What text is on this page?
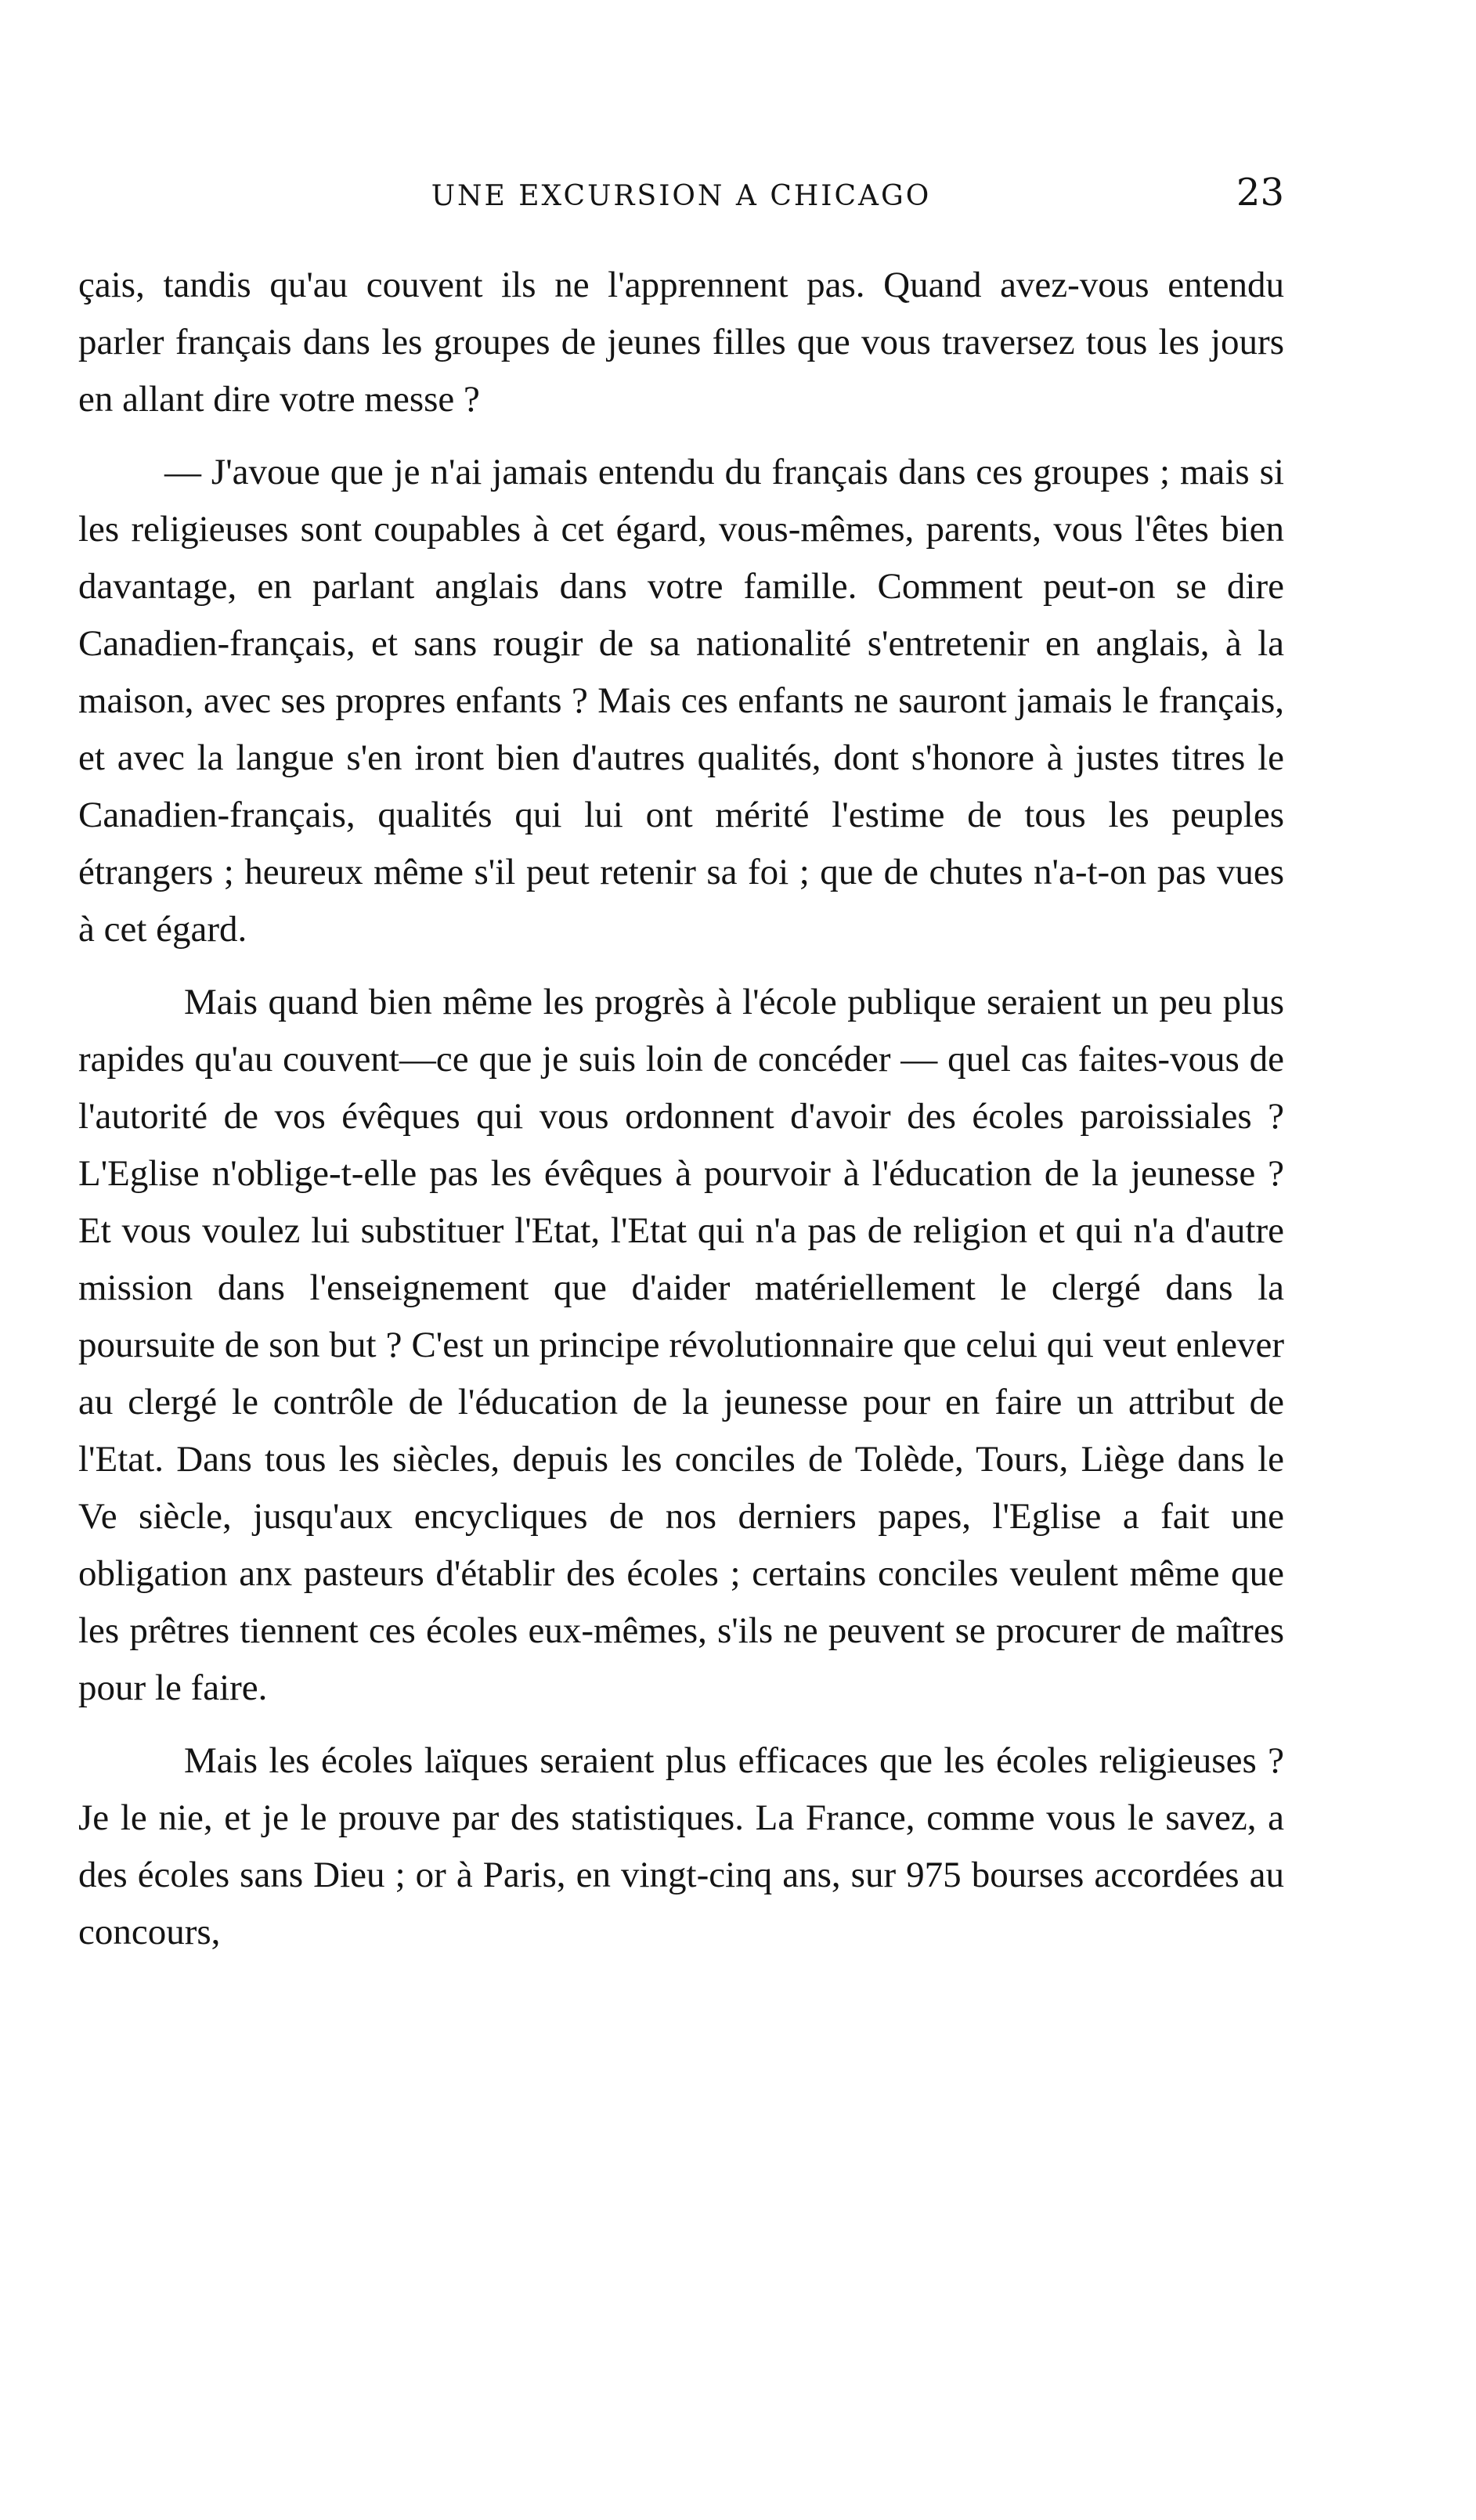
UNE EXCURSION A CHICAGO	23

çais, tandis qu'au couvent ils ne l'apprennent pas. Quand avez-vous entendu parler français dans les groupes de jeunes filles que vous traversez tous les jours en allant dire votre messe ?

— J'avoue que je n'ai jamais entendu du français dans ces groupes ; mais si les religieuses sont coupables à cet égard, vous-mêmes, parents, vous l'êtes bien davantage, en parlant anglais dans votre famille. Comment peut-on se dire Canadien-français, et sans rougir de sa nationalité s'entretenir en anglais, à la maison, avec ses propres enfants ? Mais ces enfants ne sauront jamais le français, et avec la langue s'en iront bien d'autres qualités, dont s'honore à justes titres le Canadien-français, qualités qui lui ont mérité l'estime de tous les peuples étrangers ; heureux même s'il peut retenir sa foi ; que de chutes n'a-t-on pas vues à cet égard.

Mais quand bien même les progrès à l'école publique seraient un peu plus rapides qu'au couvent—ce que je suis loin de concéder — quel cas faites-vous de l'autorité de vos évêques qui vous ordonnent d'avoir des écoles paroissiales ? L'Eglise n'oblige-t-elle pas les évêques à pourvoir à l'éducation de la jeunesse ? Et vous voulez lui substituer l'Etat, l'Etat qui n'a pas de religion et qui n'a d'autre mission dans l'enseignement que d'aider matériellement le clergé dans la poursuite de son but ? C'est un principe révolutionnaire que celui qui veut enlever au clergé le contrôle de l'éducation de la jeunesse pour en faire un attribut de l'Etat. Dans tous les siècles, depuis les conciles de Tolède, Tours, Liège dans le Ve siècle, jusqu'aux encycliques de nos derniers papes, l'Eglise a fait une obligation anx pasteurs d'établir des écoles ; certains conciles veulent même que les prêtres tiennent ces écoles eux-mêmes, s'ils ne peuvent se procurer de maîtres pour le faire.

Mais les écoles laïques seraient plus efficaces que les écoles religieuses ? Je le nie, et je le prouve par des statistiques. La France, comme vous le savez, a des écoles sans Dieu ; or à Paris, en vingt-cinq ans, sur 975 bourses accordées au concours,
